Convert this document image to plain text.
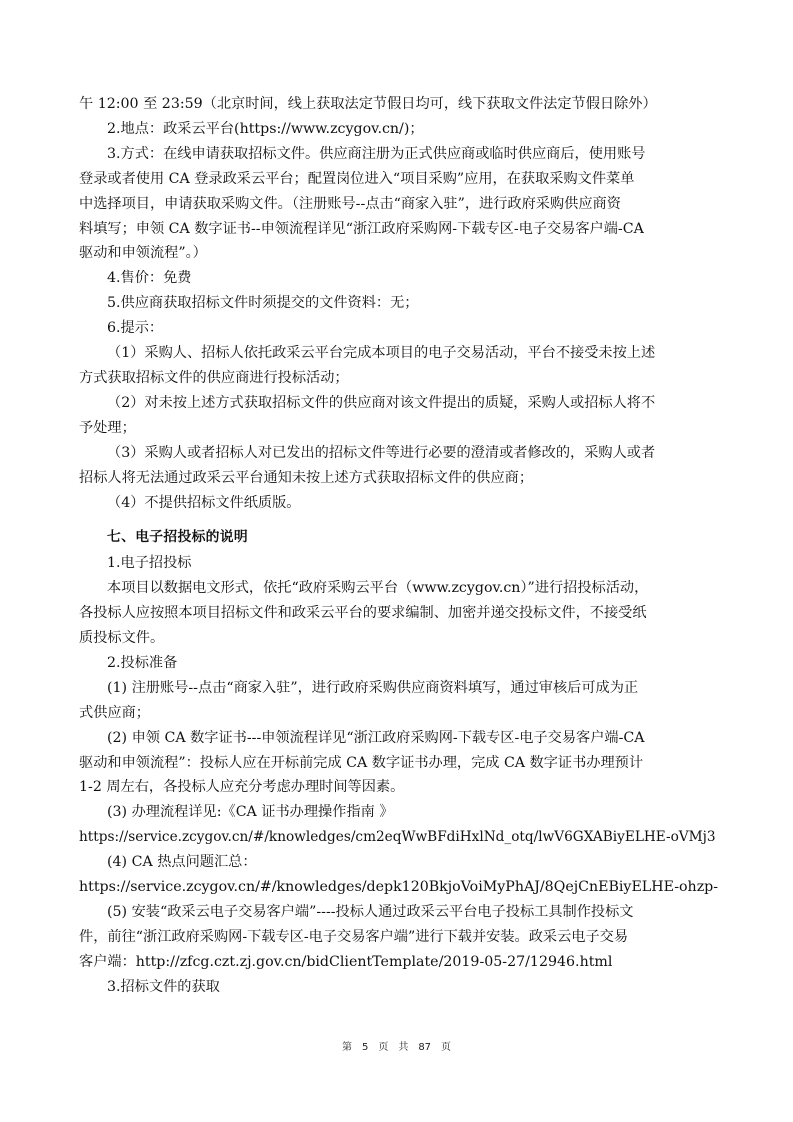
午 12:00 至 23:59（北京时间，线上获取法定节假日均可，线下获取文件法定节假日除外）
2.地点：政采云平台(https://www.zcygov.cn/)；
3.方式：在线申请获取招标文件。供应商注册为正式供应商或临时供应商后，使用账号
登录或者使用 CA 登录政采云平台；配置岗位进入“项目采购”应用，在获取采购文件菜单
中选择项目，申请获取采购文件。（注册账号--点击“商家入驻”，进行政府采购供应商资
料填写；申领 CA 数字证书--申领流程详见“浙江政府采购网-下载专区-电子交易客户端-CA
驱动和申领流程”。）
4.售价：免费
5.供应商获取招标文件时须提交的文件资料：无；
6.提示：
（1）采购人、招标人依托政采云平台完成本项目的电子交易活动，平台不接受未按上述
方式获取招标文件的供应商进行投标活动；
（2）对未按上述方式获取招标文件的供应商对该文件提出的质疑，采购人或招标人将不
予处理；
（3）采购人或者招标人对已发出的招标文件等进行必要的澄清或者修改的，采购人或者
招标人将无法通过政采云平台通知未按上述方式获取招标文件的供应商；
（4）不提供招标文件纸质版。
七、电子招投标的说明
1.电子招投标
本项目以数据电文形式，依托“政府采购云平台（www.zcygov.cn）”进行招投标活动，
各投标人应按照本项目招标文件和政采云平台的要求编制、加密并递交投标文件，不接受纸
质投标文件。
2.投标准备
(1) 注册账号--点击“商家入驻”，进行政府采购供应商资料填写，通过审核后可成为正
式供应商；
(2) 申领 CA 数字证书---申领流程详见“浙江政府采购网-下载专区-电子交易客户端-CA
驱动和申领流程”：投标人应在开标前完成 CA 数字证书办理，完成 CA 数字证书办理预计
1-2 周左右，各投标人应充分考虑办理时间等因素。
(3) 办理流程详见:《CA 证书办理操作指南 》
https://service.zcygov.cn/#/knowledges/cm2eqWwBFdiHxlNd_otq/lwV6GXABiyELHE-oVMj3
(4) CA 热点问题汇总：
https://service.zcygov.cn/#/knowledges/depk120BkjoVoiMyPhAJ/8QejCnEBiyELHE-ohzp-
(5) 安装“政采云电子交易客户端”----投标人通过政采云平台电子投标工具制作投标文
件，前往“浙江政府采购网-下载专区-电子交易客户端”进行下载并安装。政采云电子交易
客户端：http://zfcg.czt.zj.gov.cn/bidClientTemplate/2019-05-27/12946.html
3.招标文件的获取
第 5 页 共 87 页
